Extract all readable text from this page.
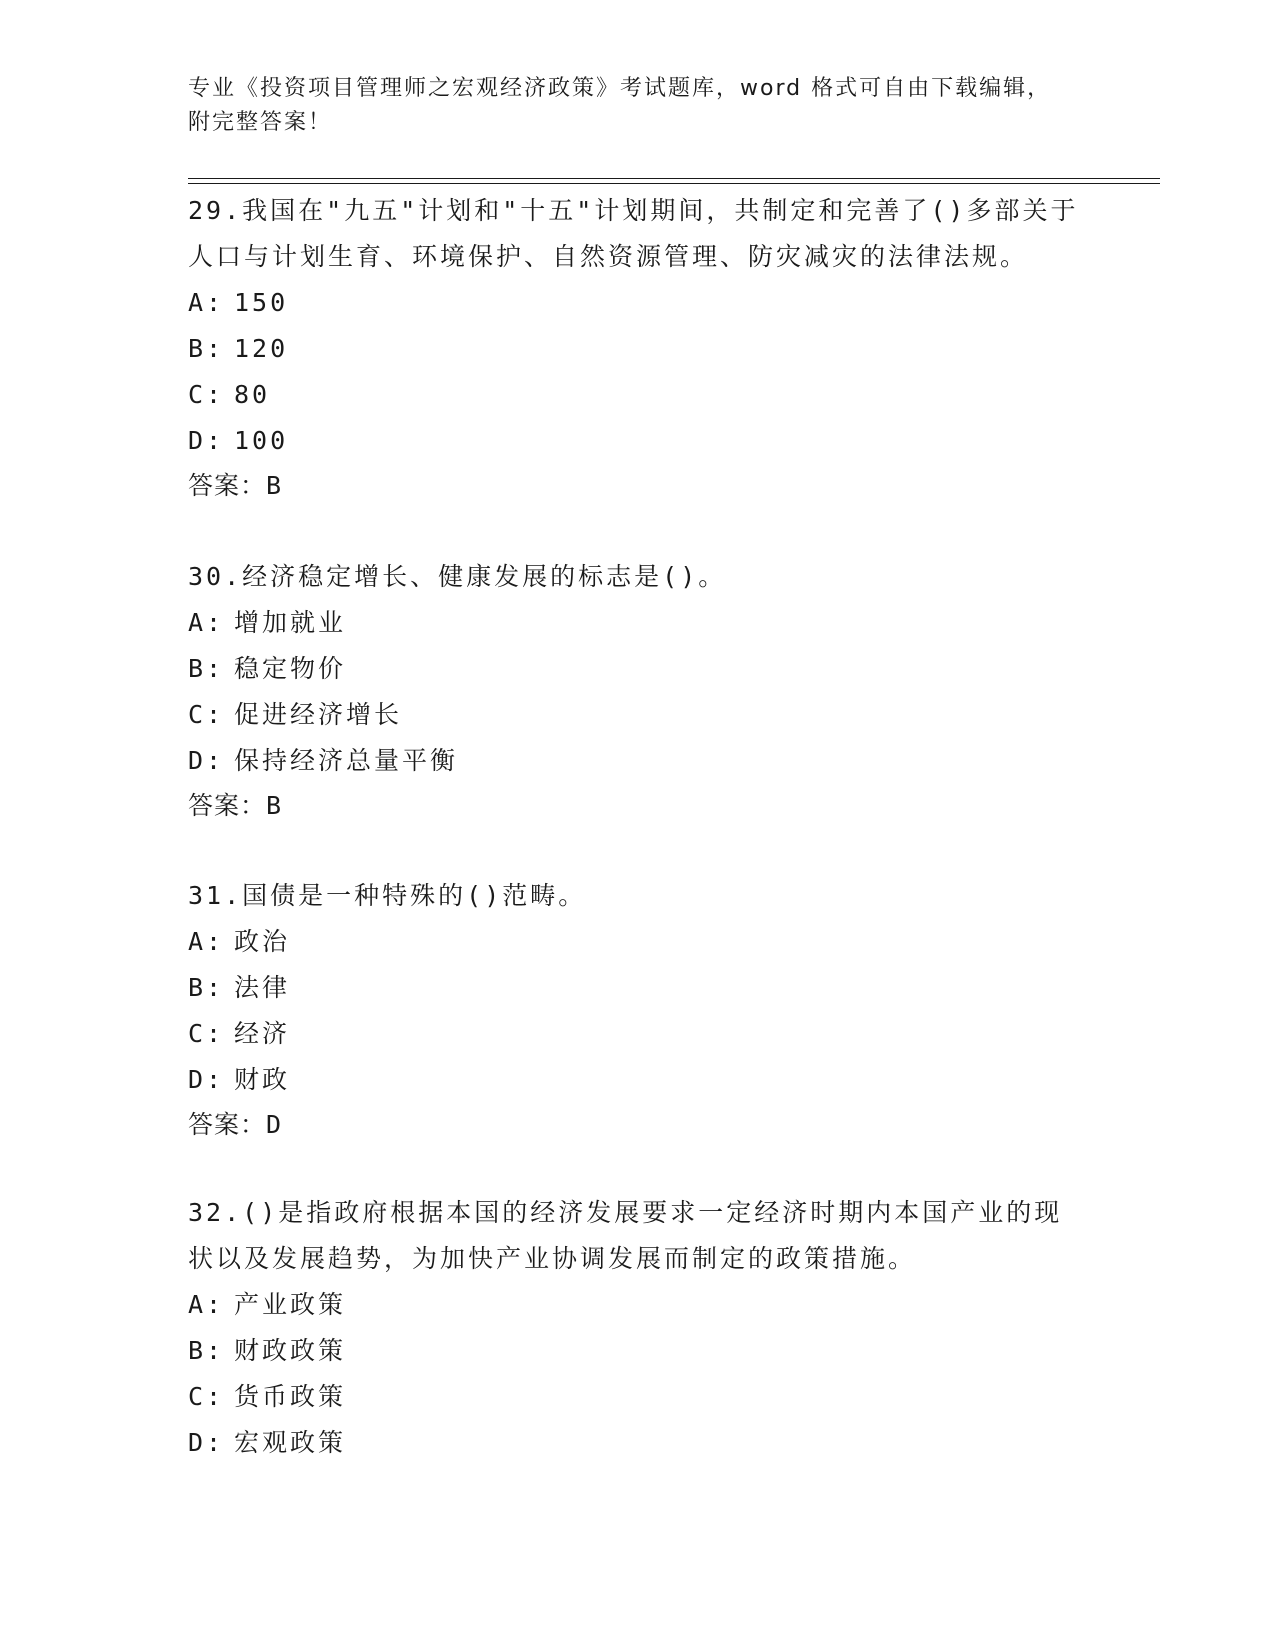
专业《投资项目管理师之宏观经济政策》考试题库，word 格式可自由下载编辑，
附完整答案！

29.我国在"九五"计划和"十五"计划期间，共制定和完善了()多部关于人口与计划生育、环境保护、自然资源管理、防灾减灾的法律法规。

A: 150
B: 120
C: 80
D: 100
答案：B

30.经济稳定增长、健康发展的标志是()。

A: 增加就业
B: 稳定物价
C: 促进经济增长
D: 保持经济总量平衡
答案：B

31.国债是一种特殊的()范畴。

A: 政治
B: 法律
C: 经济
D: 财政
答案：D

32.()是指政府根据本国的经济发展要求一定经济时期内本国产业的现状以及发展趋势，为加快产业协调发展而制定的政策措施。

A: 产业政策
B: 财政政策
C: 货币政策
D: 宏观政策
